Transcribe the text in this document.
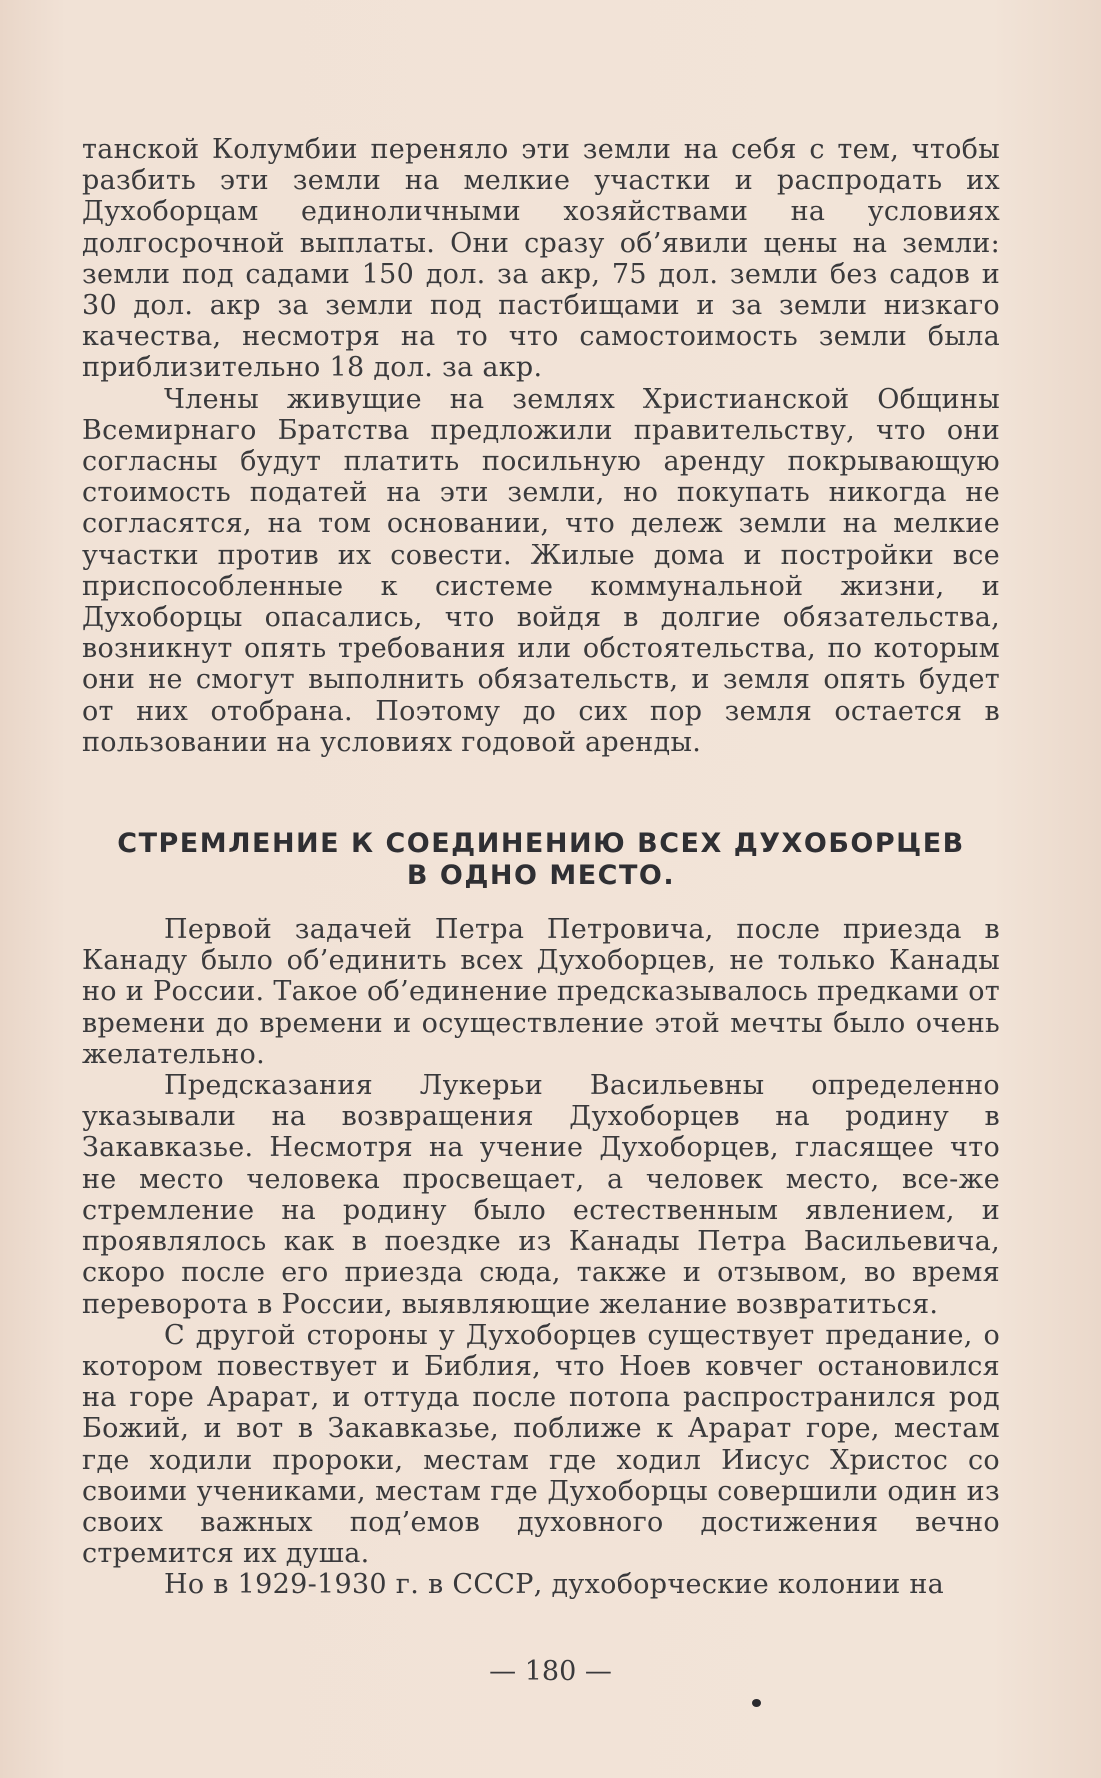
танской Колумбии переняло эти земли на себя с тем, чтобы разбить эти земли на мелкие участки и распродать их Духоборцам единоличными хозяйствами на условиях долгосрочной выплаты. Они сразу об’явили цены на земли: земли под садами 150 дол. за акр, 75 дол. земли без садов и 30 дол. акр за земли под пастбищами и за земли низкаго качества, несмотря на то что самостоимость земли была приблизительно 18 дол. за акр.

Члены живущие на землях Христианской Общины Всемирнаго Братства предложили правительству, что они согласны будут платить посильную аренду покрывающую стоимость податей на эти земли, но покупать никогда не согласятся, на том основании, что дележ земли на мелкие участки против их совести. Жилые дома и постройки все приспособленные к системе коммунальной жизни, и Духоборцы опасались, что войдя в долгие обязательства, возникнут опять требования или обстоятельства, по которым они не смогут выполнить обязательств, и земля опять будет от них отобрана. Поэтому до сих пор земля остается в пользовании на условиях годовой аренды.

СТРЕМЛЕНИЕ К СОЕДИНЕНИЮ ВСЕХ ДУХОБОРЦЕВ
В ОДНО МЕСТО.

Первой задачей Петра Петровича, после приезда в Канаду было об’единить всех Духоборцев, не только Канады но и России. Такое об’единение предсказывалось предками от времени до времени и осуществление этой мечты было очень желательно.

Предсказания Лукерьи Васильевны определенно указывали на возвращения Духоборцев на родину в Закавказье. Несмотря на учение Духоборцев, гласящее что не место человека просвещает, а человек место, все-же стремление на родину было естественным явлением, и проявлялось как в поездке из Канады Петра Васильевича, скоро после его приезда сюда, также и отзывом, во время переворота в России, выявляющие желание возвратиться.

С другой стороны у Духоборцев существует предание, о котором повествует и Библия, что Ноев ковчег остановился на горе Арарат, и оттуда после потопа распространился род Божий, и вот в Закавказье, поближе к Арарат горе, местам где ходили пророки, местам где ходил Иисус Христос со своими учениками, местам где Духоборцы совершили один из своих важных под’емов духовного достижения вечно стремится их душа.

Но в 1929-1930 г. в СССР, духоборческие колонии на

— 180 —
